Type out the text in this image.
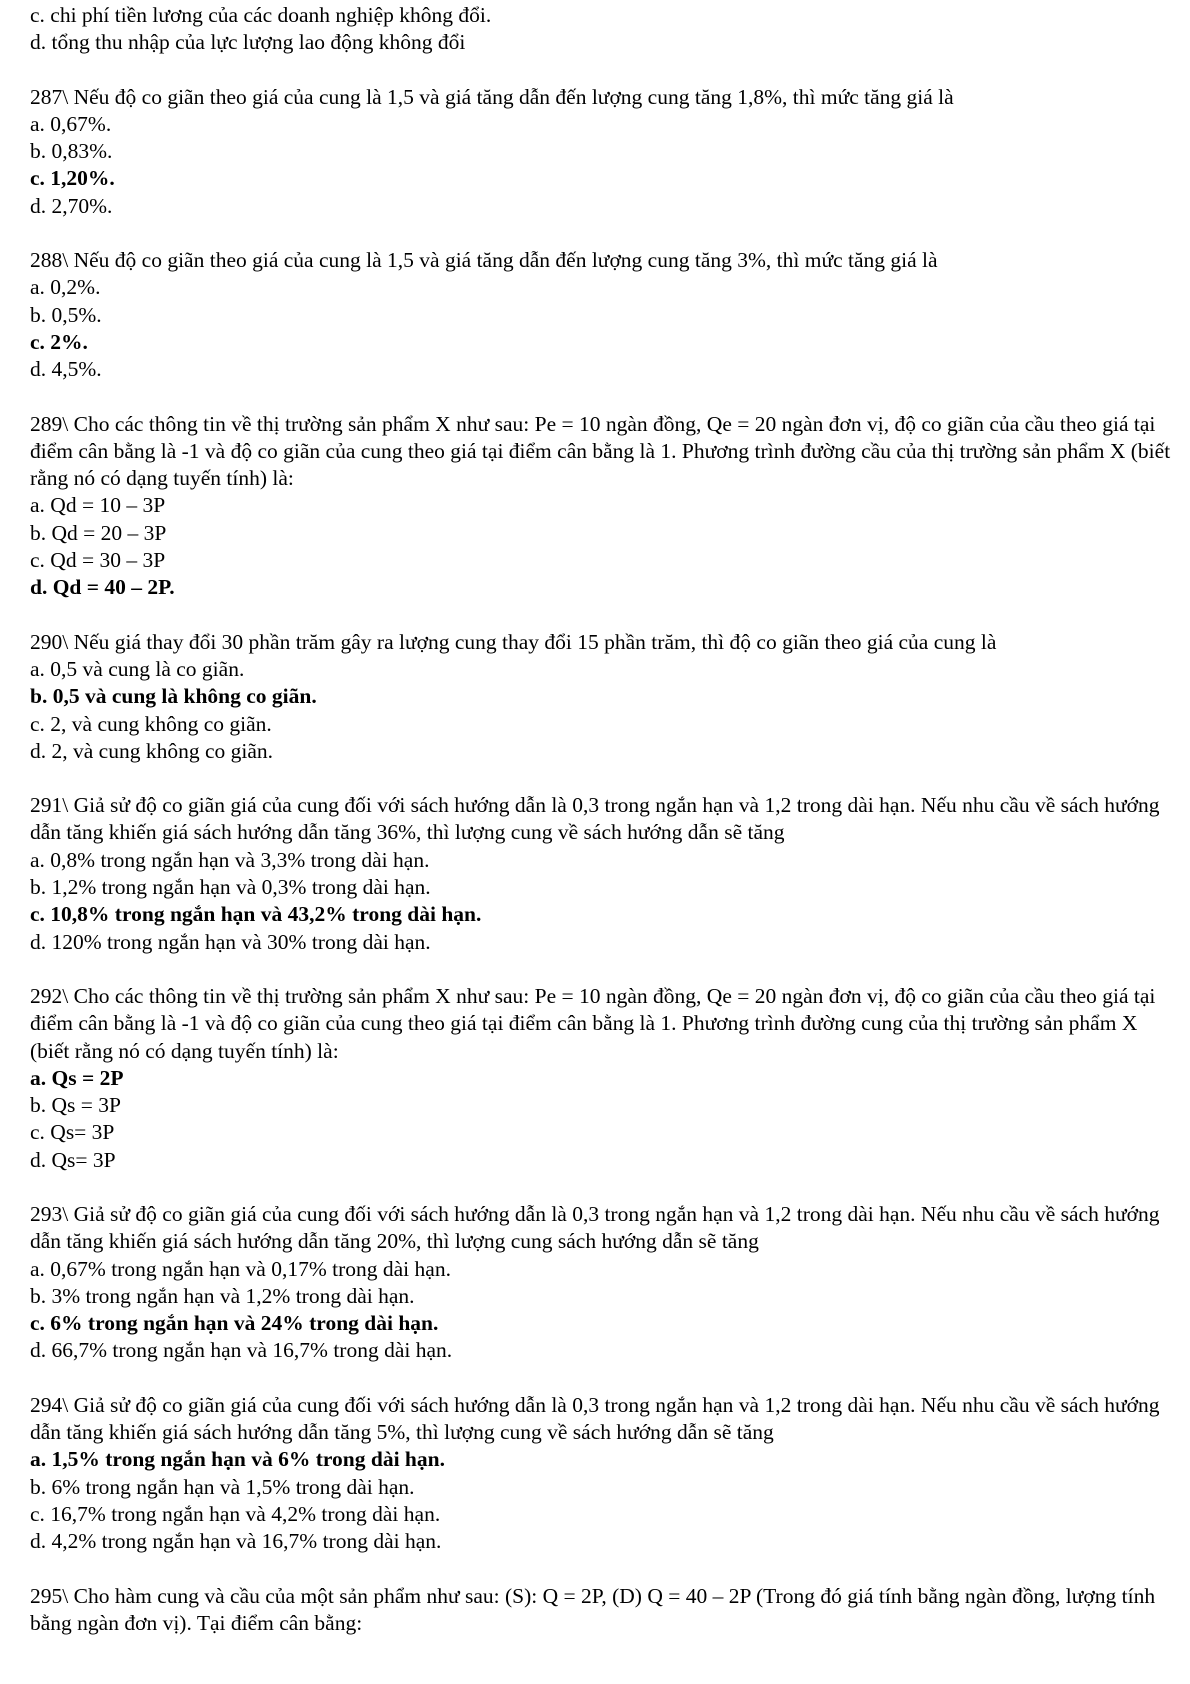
c. chi phí tiền lương của các doanh nghiệp không đổi.
d. tổng thu nhập của lực lượng lao động không đổi
287\ Nếu độ co giãn theo giá của cung là 1,5 và giá tăng dẫn đến lượng cung tăng 1,8%, thì mức tăng giá là
a. 0,67%.
b. 0,83%.
c. 1,20%.
d. 2,70%.
288\ Nếu độ co giãn theo giá của cung là 1,5 và giá tăng dẫn đến lượng cung tăng 3%, thì mức tăng giá là
a. 0,2%.
b. 0,5%.
c. 2%.
d. 4,5%.
289\ Cho các thông tin về thị trường sản phẩm X như sau: Pe = 10 ngàn đồng, Qe = 20 ngàn đơn vị, độ co giãn của cầu theo giá tại điểm cân bằng là -1 và độ co giãn của cung theo giá tại điểm cân bằng là 1. Phương trình đường cầu của thị trường sản phẩm X (biết rằng nó có dạng tuyến tính) là:
a. Qd = 10 – 3P
b. Qd = 20 – 3P
c. Qd = 30 – 3P
d. Qd = 40 – 2P.
290\ Nếu giá thay đổi 30 phần trăm gây ra lượng cung thay đổi 15 phần trăm, thì độ co giãn theo giá của cung là
a. 0,5 và cung là co giãn.
b. 0,5 và cung là không co giãn.
c. 2, và cung không co giãn.
d. 2, và cung không co giãn.
291\ Giả sử độ co giãn giá của cung đối với sách hướng dẫn là 0,3 trong ngắn hạn và 1,2 trong dài hạn. Nếu nhu cầu về sách hướng dẫn tăng khiến giá sách hướng dẫn tăng 36%, thì lượng cung về sách hướng dẫn sẽ tăng
a. 0,8% trong ngắn hạn và 3,3% trong dài hạn.
b. 1,2% trong ngắn hạn và 0,3% trong dài hạn.
c. 10,8% trong ngắn hạn và 43,2% trong dài hạn.
d. 120% trong ngắn hạn và 30% trong dài hạn.
292\ Cho các thông tin về thị trường sản phẩm X như sau: Pe = 10 ngàn đồng, Qe = 20 ngàn đơn vị, độ co giãn của cầu theo giá tại điểm cân bằng là -1 và độ co giãn của cung theo giá tại điểm cân bằng là 1. Phương trình đường cung của thị trường sản phẩm X (biết rằng nó có dạng tuyến tính) là:
a. Qs = 2P
b. Qs = 3P
c. Qs= 3P
d. Qs= 3P
293\ Giả sử độ co giãn giá của cung đối với sách hướng dẫn là 0,3 trong ngắn hạn và 1,2 trong dài hạn. Nếu nhu cầu về sách hướng dẫn tăng khiến giá sách hướng dẫn tăng 20%, thì lượng cung sách hướng dẫn sẽ tăng
a. 0,67% trong ngắn hạn và 0,17% trong dài hạn.
b. 3% trong ngắn hạn và 1,2% trong dài hạn.
c. 6% trong ngắn hạn và 24% trong dài hạn.
d. 66,7% trong ngắn hạn và 16,7% trong dài hạn.
294\ Giả sử độ co giãn giá của cung đối với sách hướng dẫn là 0,3 trong ngắn hạn và 1,2 trong dài hạn. Nếu nhu cầu về sách hướng dẫn tăng khiến giá sách hướng dẫn tăng 5%, thì lượng cung về sách hướng dẫn sẽ tăng
a. 1,5% trong ngắn hạn và 6% trong dài hạn.
b. 6% trong ngắn hạn và 1,5% trong dài hạn.
c. 16,7% trong ngắn hạn và 4,2% trong dài hạn.
d. 4,2% trong ngắn hạn và 16,7% trong dài hạn.
295\ Cho hàm cung và cầu của một sản phẩm như sau: (S): Q = 2P, (D) Q = 40 – 2P (Trong đó giá tính bằng ngàn đồng, lượng tính bằng ngàn đơn vị). Tại điểm cân bằng:
